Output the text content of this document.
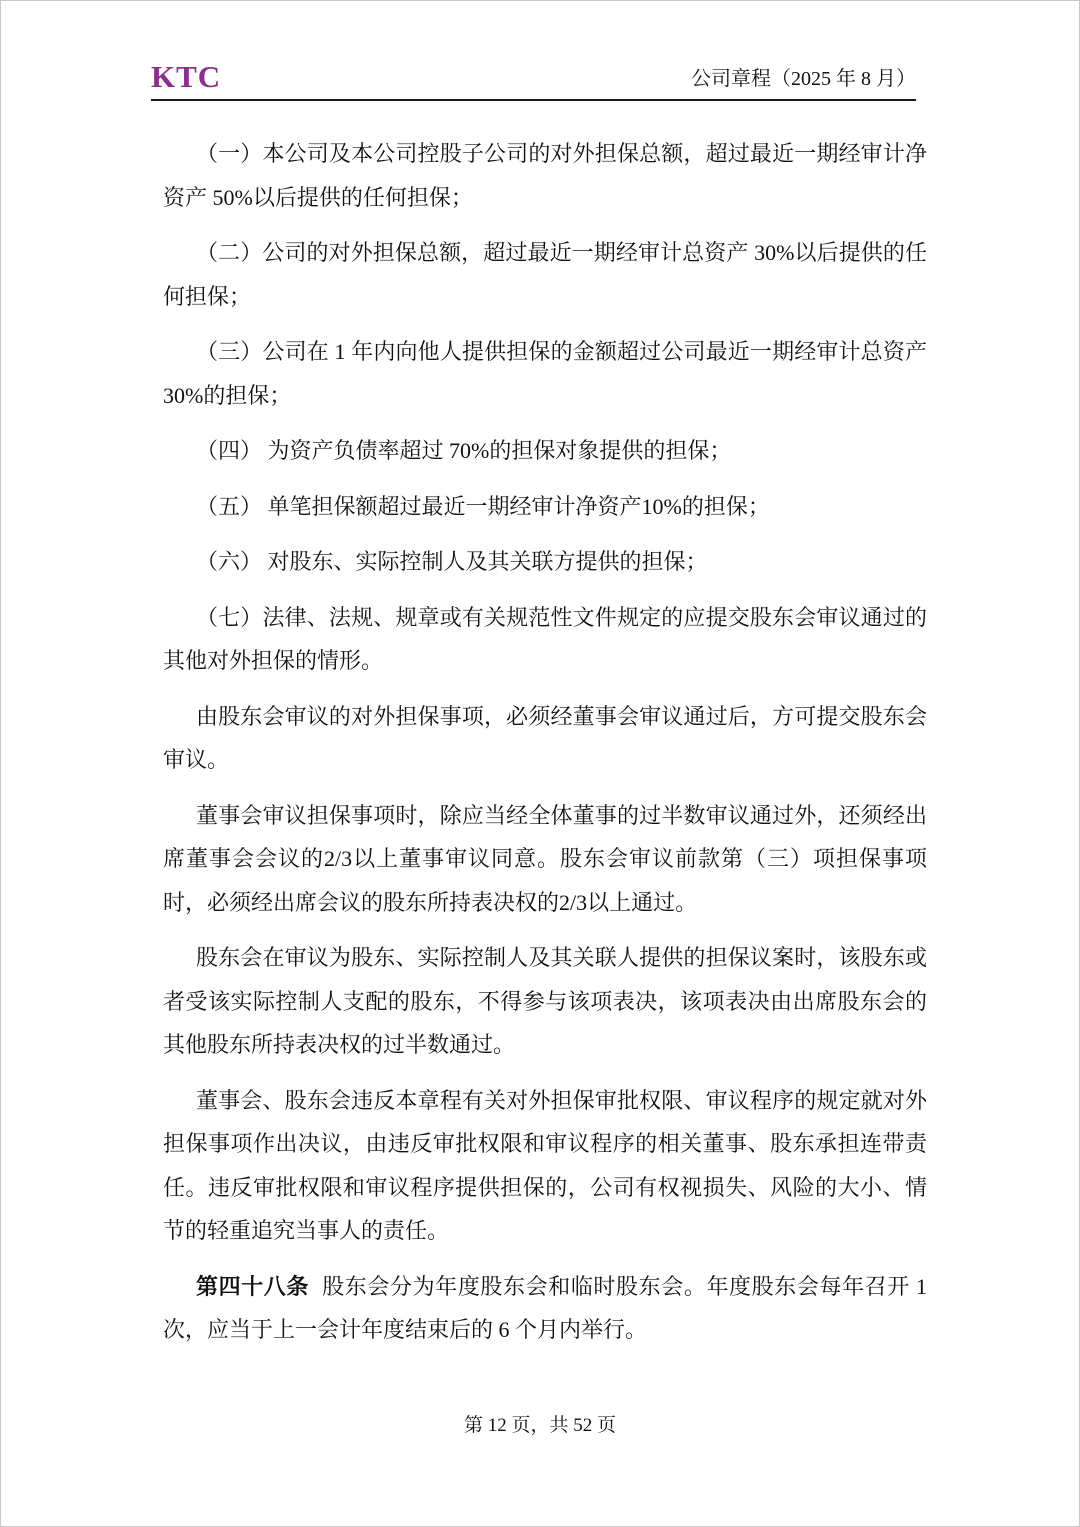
KTC	公司章程（2025 年 8 月）

（一）本公司及本公司控股子公司的对外担保总额，超过最近一期经审计净资产 50%以后提供的任何担保；

（二）公司的对外担保总额，超过最近一期经审计总资产 30%以后提供的任何担保；

（三）公司在 1 年内向他人提供担保的金额超过公司最近一期经审计总资产30%的担保；

（四） 为资产负债率超过 70%的担保对象提供的担保；

（五） 单笔担保额超过最近一期经审计净资产10%的担保；

（六） 对股东、实际控制人及其关联方提供的担保；

（七）法律、法规、规章或有关规范性文件规定的应提交股东会审议通过的其他对外担保的情形。

由股东会审议的对外担保事项，必须经董事会审议通过后，方可提交股东会审议。

董事会审议担保事项时，除应当经全体董事的过半数审议通过外，还须经出席董事会会议的2/3以上董事审议同意。股东会审议前款第（三）项担保事项时，必须经出席会议的股东所持表决权的2/3以上通过。

股东会在审议为股东、实际控制人及其关联人提供的担保议案时，该股东或者受该实际控制人支配的股东，不得参与该项表决，该项表决由出席股东会的其他股东所持表决权的过半数通过。

董事会、股东会违反本章程有关对外担保审批权限、审议程序的规定就对外担保事项作出决议，由违反审批权限和审议程序的相关董事、股东承担连带责任。违反审批权限和审议程序提供担保的，公司有权视损失、风险的大小、情节的轻重追究当事人的责任。

第四十八条 股东会分为年度股东会和临时股东会。年度股东会每年召开 1 次，应当于上一会计年度结束后的 6 个月内举行。

第 12 页，共 52 页
